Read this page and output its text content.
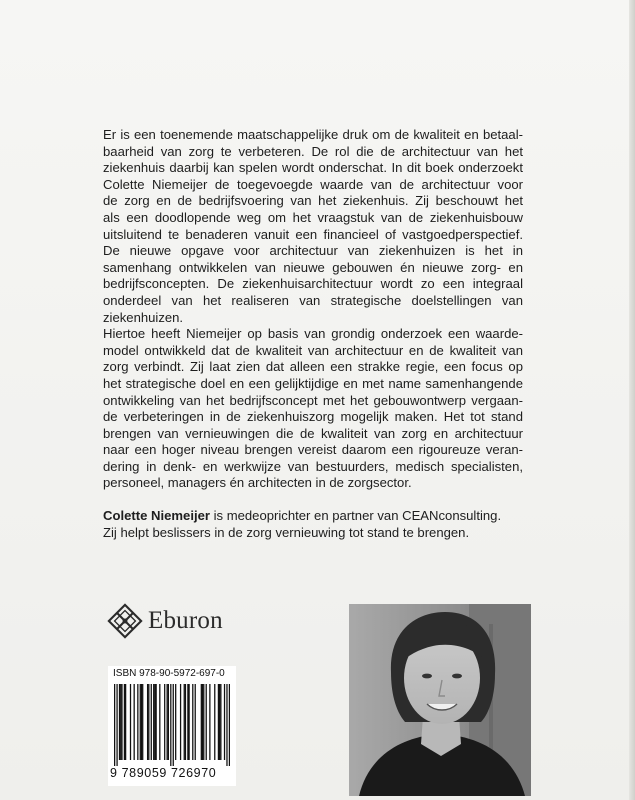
Er is een toenemende maatschappelijke druk om de kwaliteit en betaal-
baarheid van zorg te verbeteren. De rol die de architectuur van het
ziekenhuis daarbij kan spelen wordt onderschat. In dit boek onderzoekt
Colette Niemeijer de toegevoegde waarde van de architectuur voor
de zorg en de bedrijfsvoering van het ziekenhuis. Zij beschouwt het
als een doodlopende weg om het vraagstuk van de ziekenhuisbouw
uitsluitend te benaderen vanuit een financieel of vastgoedperspectief.
De nieuwe opgave voor architectuur van ziekenhuizen is het in
samenhang ontwikkelen van nieuwe gebouwen én nieuwe zorg- en
bedrijfsconcepten. De ziekenhuisarchitectuur wordt zo een integraal
onderdeel van het realiseren van strategische doelstellingen van
ziekenhuizen.
Hiertoe heeft Niemeijer op basis van grondig onderzoek een waarde-
model ontwikkeld dat de kwaliteit van architectuur en de kwaliteit van
zorg verbindt. Zij laat zien dat alleen een strakke regie, een focus op
het strategische doel en een gelijktijdige en met name samenhangende
ontwikkeling van het bedrijfsconcept met het gebouwontwerp vergaan-
de verbeteringen in de ziekenhuiszorg mogelijk maken. Het tot stand
brengen van vernieuwingen die de kwaliteit van zorg en architectuur
naar een hoger niveau brengen vereist daarom een rigoureuze veran-
dering in denk- en werkwijze van bestuurders, medisch specialisten,
personeel, managers én architecten in de zorgsector.

Colette Niemeijer is medeoprichter en partner van CEANconsulting.
Zij helpt beslissers in de zorg vernieuwing tot stand te brengen.

Eburon
ISBN 978-90-5972-697-0
9 789059 726970
